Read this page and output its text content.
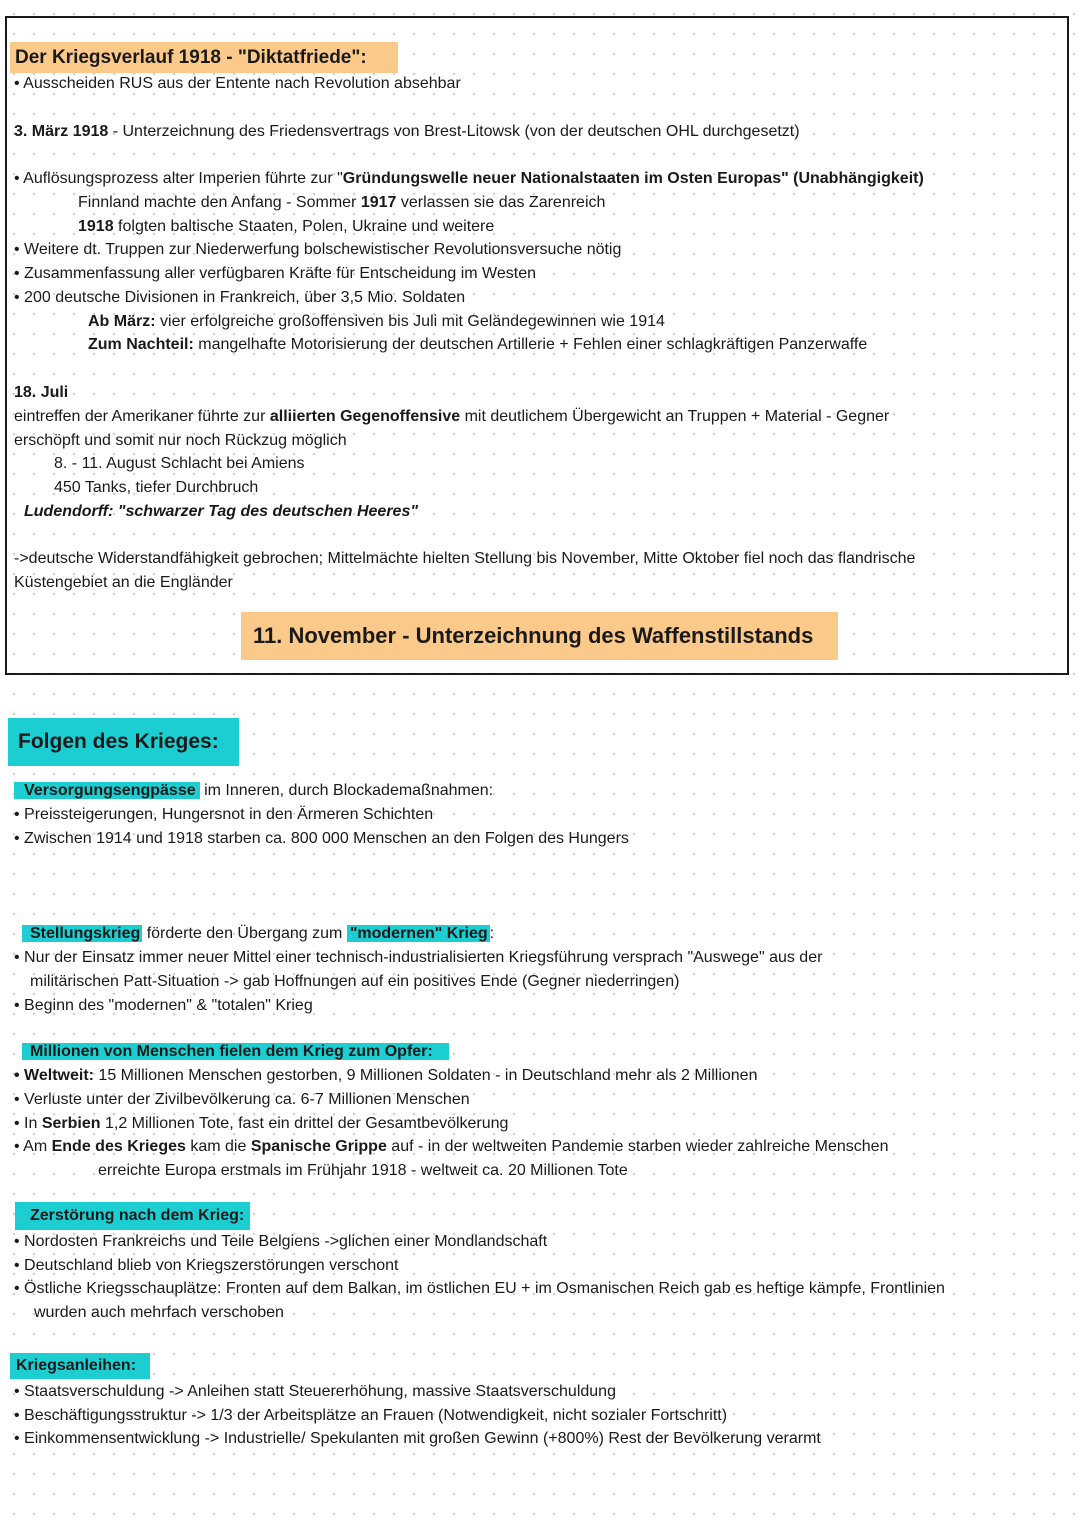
Der Kriegsverlauf 1918 - "Diktatfriede":
• Ausscheiden RUS aus der Entente nach Revolution absehbar
3. März 1918 - Unterzeichnung des Friedensvertrags von Brest-Litowsk (von der deutschen OHL durchgesetzt)
• Auflösungsprozess alter Imperien führte zur "Gründungswelle neuer Nationalstaaten im Osten Europas" (Unabhängigkeit)
Finnland machte den Anfang - Sommer 1917 verlassen sie das Zarenreich
1918 folgten baltische Staaten, Polen, Ukraine und weitere
• Weitere dt. Truppen zur Niederwerfung bolschewistischer Revolutionsversuche nötig
• Zusammenfassung aller verfügbaren Kräfte für Entscheidung im Westen
• 200 deutsche Divisionen in Frankreich, über 3,5 Mio. Soldaten
Ab März: vier erfolgreiche großoffensiven bis Juli mit Geländegewinnen wie 1914
Zum Nachteil: mangelhafte Motorisierung der deutschen Artillerie + Fehlen einer schlagkräftigen Panzerwaffe
18. Juli
eintreffen der Amerikaner führte zur alliierten Gegenoffensive mit deutlichem Übergewicht an Truppen + Material - Gegner
erschöpft und somit nur noch Rückzug möglich
8. - 11. August Schlacht bei Amiens
450 Tanks, tiefer Durchbruch
Ludendorff: "schwarzer Tag des deutschen Heeres"
->deutsche Widerstandfähigkeit gebrochen; Mittelmächte hielten Stellung bis November, Mitte Oktober fiel noch das flandrische
Küstengebiet an die Engländer
11. November - Unterzeichnung des Waffenstillstands
Folgen des Krieges:
Versorgungsengpässe im Inneren, durch Blockademaßnahmen:
• Preissteigerungen, Hungersnot in den Ärmeren Schichten
• Zwischen 1914 und 1918 starben ca. 800 000 Menschen an den Folgen des Hungers
Stellungskrieg förderte den Übergang zum "modernen" Krieg :
• Nur der Einsatz immer neuer Mittel einer technisch-industrialisierten Kriegsführung versprach "Auswege" aus der
militärischen Patt-Situation -> gab Hoffnungen auf ein positives Ende (Gegner niederringen)
• Beginn des "modernen" & "totalen" Krieg
Millionen von Menschen fielen dem Krieg zum Opfer:
• Weltweit: 15 Millionen Menschen gestorben, 9 Millionen Soldaten - in Deutschland mehr als 2 Millionen
• Verluste unter der Zivilbevölkerung ca. 6-7 Millionen Menschen
• In Serbien 1,2 Millionen Tote, fast ein drittel der Gesamtbevölkerung
• Am Ende des Krieges kam die Spanische Grippe auf - in der weltweiten Pandemie starben wieder zahlreiche Menschen
erreichte Europa erstmals im Frühjahr 1918 - weltweit ca. 20 Millionen Tote
Zerstörung nach dem Krieg:
• Nordosten Frankreichs und Teile Belgiens ->glichen einer Mondlandschaft
• Deutschland blieb von Kriegszerstörungen verschont
• Östliche Kriegsschauplätze: Fronten auf dem Balkan, im östlichen EU + im Osmanischen Reich gab es heftige kämpfe, Frontlinien
wurden auch mehrfach verschoben
Kriegsanleihen:
• Staatsverschuldung -> Anleihen statt Steuererhöhung, massive Staatsverschuldung
• Beschäftigungsstruktur -> 1/3 der Arbeitsplätze an Frauen (Notwendigkeit, nicht sozialer Fortschritt)
• Einkommensentwicklung -> Industrielle/ Spekulanten mit großen Gewinn (+800%) Rest der Bevölkerung verarmt
